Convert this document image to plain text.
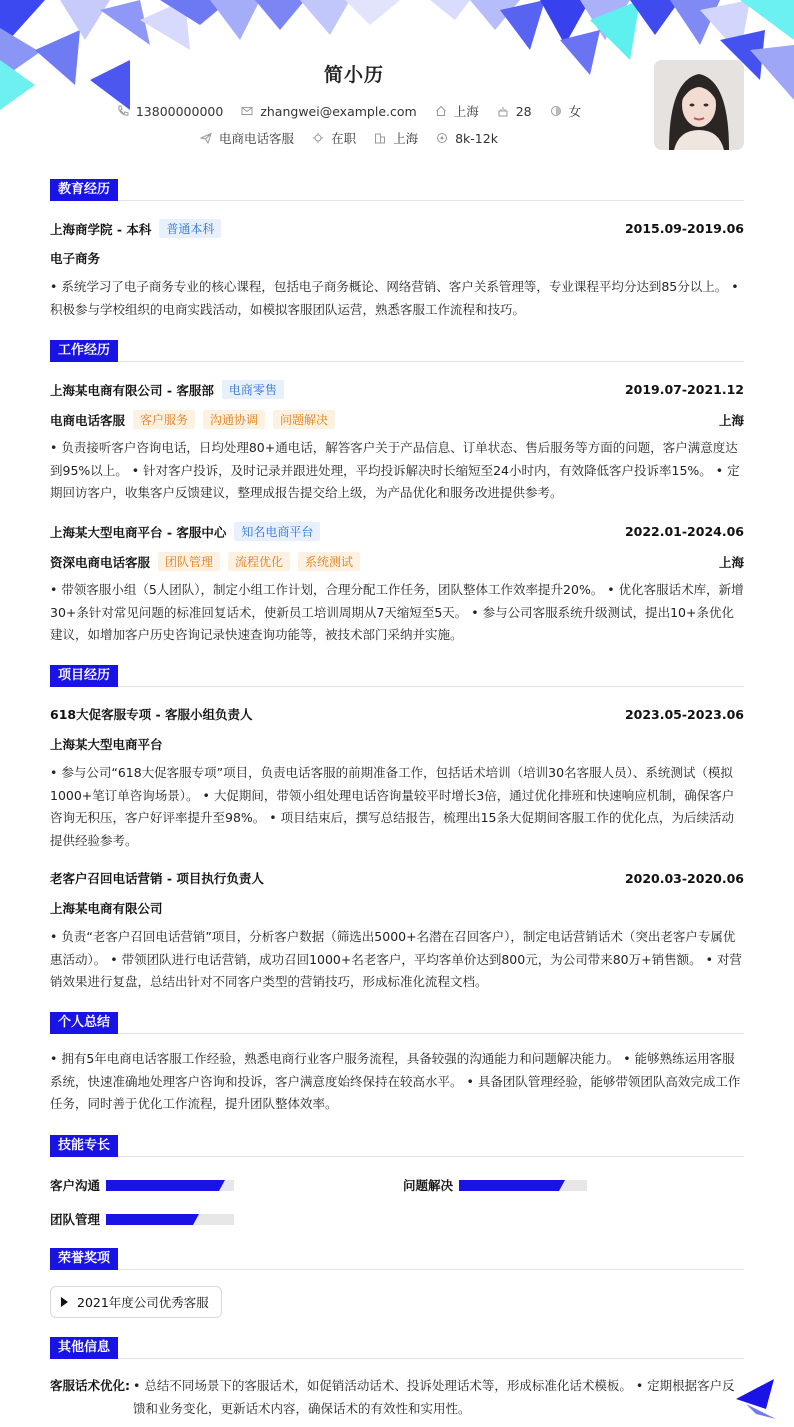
简小历
13800000000	zhangwei@example.com	上海	28	女
电商电话客服	在职	上海	8k-12k
教育经历
上海商学院 - 本科	普通本科	2015.09-2019.06
电子商务

• 系统学习了电子商务专业的核心课程，包括电子商务概论、网络营销、客户关系管理等，专业课程平均分达到85分以上。 • 积极参与学校组织的电商实践活动，如模拟客服团队运营，熟悉客服工作流程和技巧。

工作经历
上海某电商有限公司 - 客服部	电商零售	2019.07-2021.12
电商电话客服	客户服务	沟通协调	问题解决	上海

• 负责接听客户咨询电话，日均处理80+通电话，解答客户关于产品信息、订单状态、售后服务等方面的问题，客户满意度达到95%以上。 • 针对客户投诉，及时记录并跟进处理，平均投诉解决时长缩短至24小时内，有效降低客户投诉率15%。 • 定期回访客户，收集客户反馈建议，整理成报告提交给上级，为产品优化和服务改进提供参考。

上海某大型电商平台 - 客服中心	知名电商平台	2022.01-2024.06
资深电商电话客服	团队管理	流程优化	系统测试	上海

• 带领客服小组（5人团队），制定小组工作计划，合理分配工作任务，团队整体工作效率提升20%。 • 优化客服话术库，新增30+条针对常见问题的标准回复话术，使新员工培训周期从7天缩短至5天。 • 参与公司客服系统升级测试，提出10+条优化建议，如增加客户历史咨询记录快速查询功能等，被技术部门采纳并实施。

项目经历
618大促客服专项 - 客服小组负责人	2023.05-2023.06
上海某大型电商平台

• 参与公司“618大促客服专项”项目，负责电话客服的前期准备工作，包括话术培训（培训30名客服人员）、系统测试（模拟1000+笔订单咨询场景）。 • 大促期间，带领小组处理电话咨询量较平时增长3倍，通过优化排班和快速响应机制，确保客户咨询无积压，客户好评率提升至98%。 • 项目结束后，撰写总结报告，梳理出15条大促期间客服工作的优化点，为后续活动提供经验参考。

老客户召回电话营销 - 项目执行负责人	2020.03-2020.06
上海某电商有限公司

• 负责“老客户召回电话营销”项目，分析客户数据（筛选出5000+名潜在召回客户），制定电话营销话术（突出老客户专属优惠活动）。 • 带领团队进行电话营销，成功召回1000+名老客户，平均客单价达到800元，为公司带来80万+销售额。 • 对营销效果进行复盘，总结出针对不同客户类型的营销技巧，形成标准化流程文档。

个人总结

• 拥有5年电商电话客服工作经验，熟悉电商行业客户服务流程，具备较强的沟通能力和问题解决能力。 • 能够熟练运用客服系统，快速准确地处理客户咨询和投诉，客户满意度始终保持在较高水平。 • 具备团队管理经验，能够带领团队高效完成工作任务，同时善于优化工作流程，提升团队整体效率。

技能专长
客户沟通	问题解决
团队管理
荣誉奖项
2021年度公司优秀客服
其他信息
客服话术优化: • 总结不同场景下的客服话术，如促销活动话术、投诉处理话术等，形成标准化话术模板。 • 定期根据客户反馈和业务变化，更新话术内容，确保话术的有效性和实用性。
